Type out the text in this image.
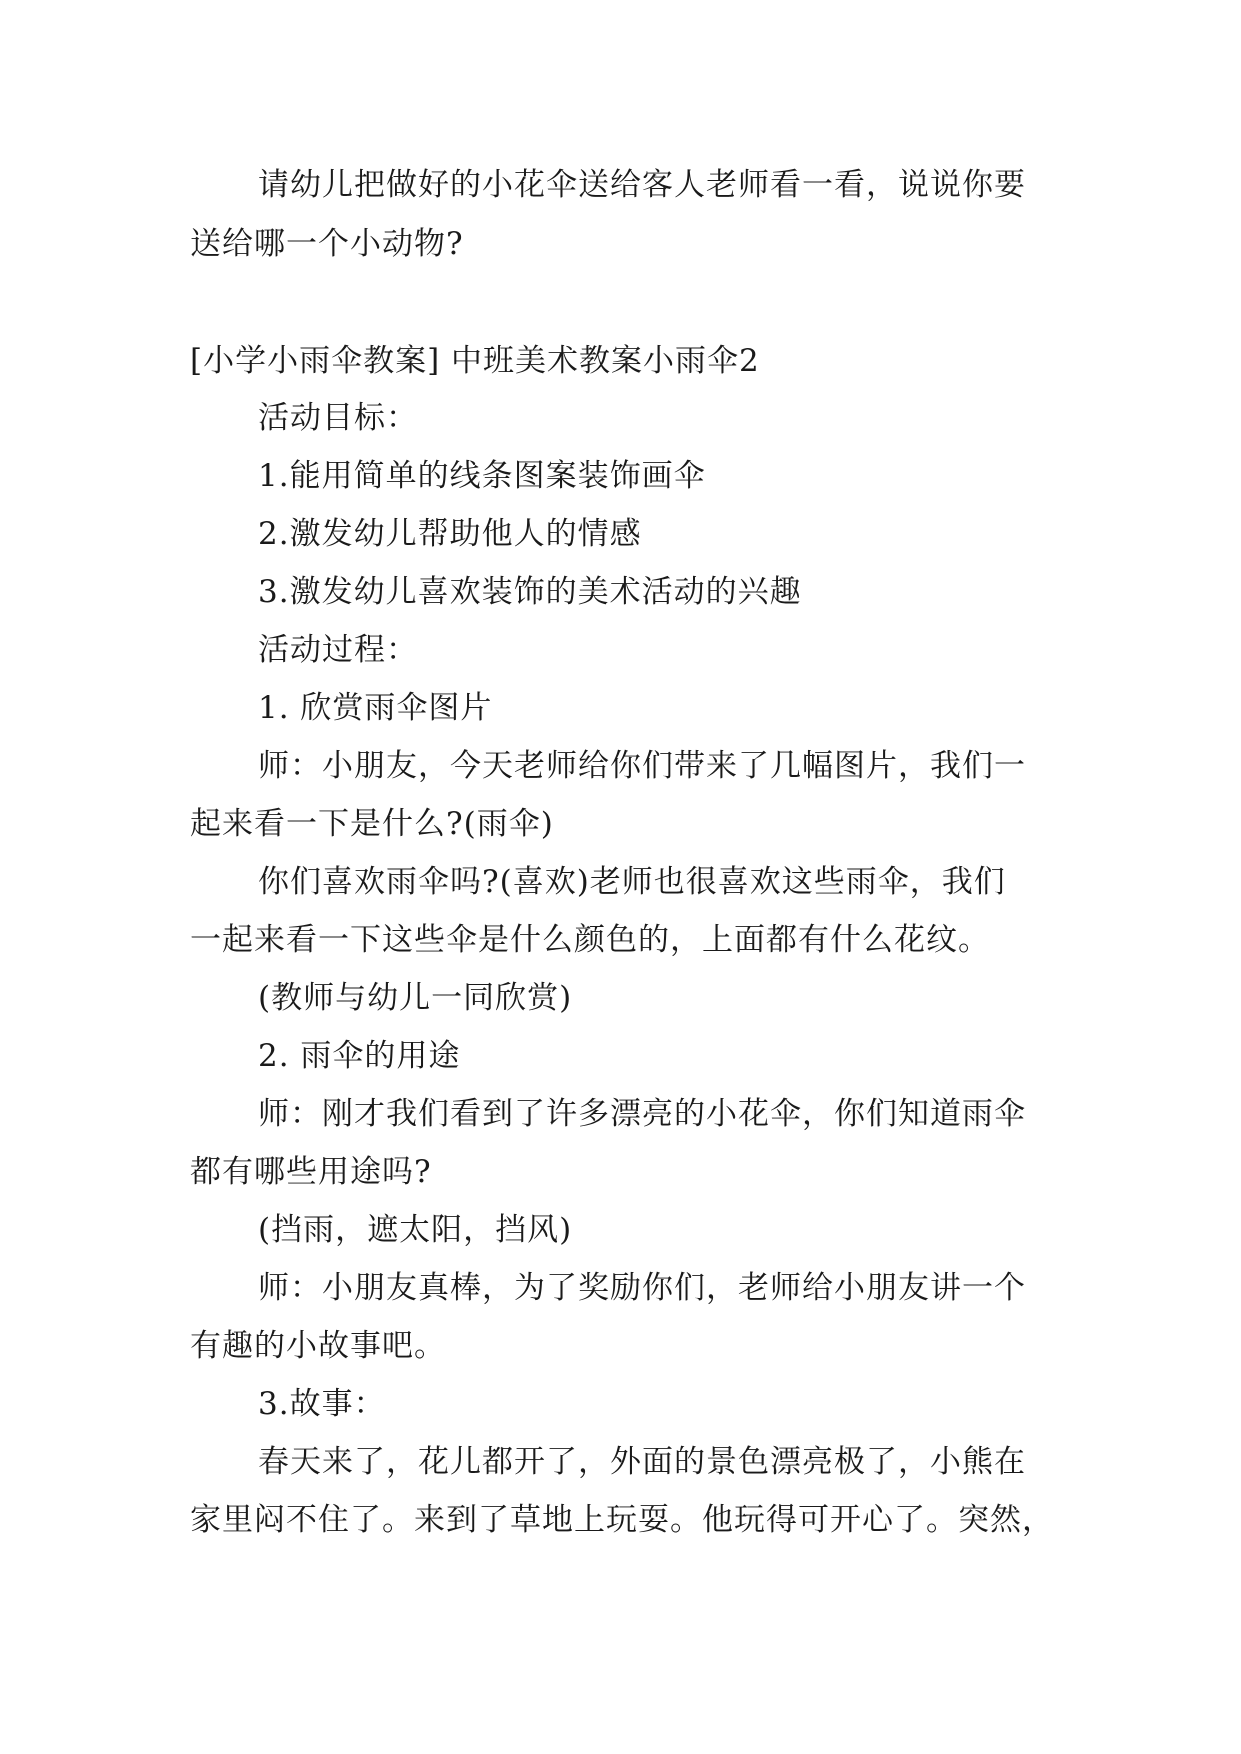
请幼儿把做好的小花伞送给客人老师看一看，说说你要
送给哪一个小动物?
[小学小雨伞教案] 中班美术教案小雨伞2
活动目标：
1.能用简单的线条图案装饰画伞
2.激发幼儿帮助他人的情感
3.激发幼儿喜欢装饰的美术活动的兴趣
活动过程：
1. 欣赏雨伞图片
师：小朋友，今天老师给你们带来了几幅图片，我们一
起来看一下是什么?(雨伞)
你们喜欢雨伞吗?(喜欢)老师也很喜欢这些雨伞，我们
一起来看一下这些伞是什么颜色的，上面都有什么花纹。
(教师与幼儿一同欣赏)
2. 雨伞的用途
师：刚才我们看到了许多漂亮的小花伞，你们知道雨伞
都有哪些用途吗?
(挡雨，遮太阳，挡风)
师：小朋友真棒，为了奖励你们，老师给小朋友讲一个
有趣的小故事吧。
3.故事：
春天来了，花儿都开了，外面的景色漂亮极了，小熊在
家里闷不住了。来到了草地上玩耍。他玩得可开心了。突然，
